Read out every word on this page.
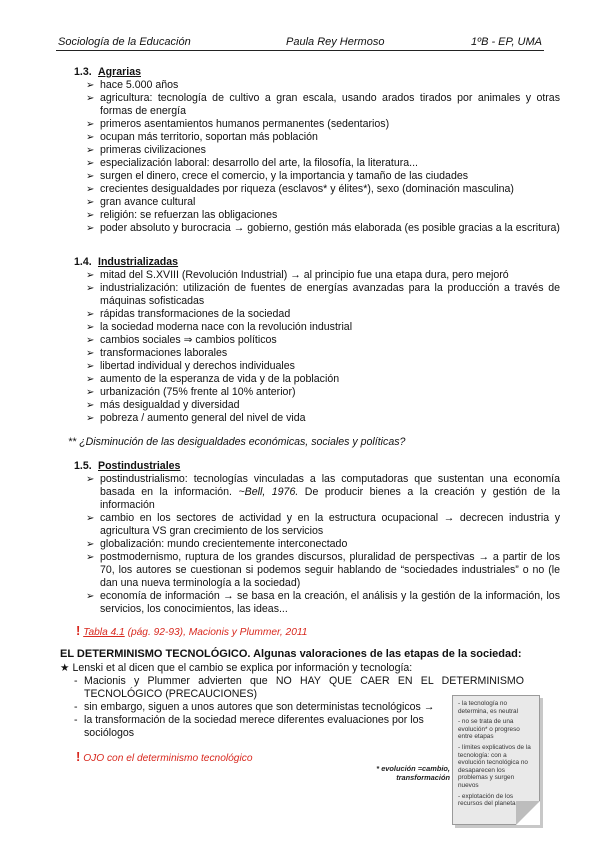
Sociología de la Educación	Paula Rey Hermoso	1ºB - EP, UMA
1.3. Agrarias
➢ hace 5.000 años
➢ agricultura: tecnología de cultivo a gran escala, usando arados tirados por animales y otras formas de energía
➢ primeros asentamientos humanos permanentes (sedentarios)
➢ ocupan más territorio, soportan más población
➢ primeras civilizaciones
➢ especialización laboral: desarrollo del arte, la filosofía, la literatura...
➢ surgen el dinero, crece el comercio, y la importancia y tamaño de las ciudades
➢ crecientes desigualdades por riqueza (esclavos* y élites*), sexo (dominación masculina)
➢ gran avance cultural
➢ religión: se refuerzan las obligaciones
➢ poder absoluto y burocracia → gobierno, gestión más elaborada (es posible gracias a la escritura)
1.4. Industrializadas
➢ mitad del S.XVIII (Revolución Industrial) → al principio fue una etapa dura, pero mejoró
➢ industrialización: utilización de fuentes de energías avanzadas para la producción a través de máquinas sofisticadas
➢ rápidas transformaciones de la sociedad
➢ la sociedad moderna nace con la revolución industrial
➢ cambios sociales ⇒ cambios políticos
➢ transformaciones laborales
➢ libertad individual y derechos individuales
➢ aumento de la esperanza de vida y de la población
➢ urbanización (75% frente al 10% anterior)
➢ más desigualdad y diversidad
➢ pobreza / aumento general del nivel de vida
** ¿Disminución de las desigualdades económicas, sociales y políticas?
1.5. Postindustriales
➢ postindustrialismo: tecnologías vinculadas a las computadoras que sustentan una economía basada en la información. ~Bell, 1976. De producir bienes a la creación y gestión de la información
➢ cambio en los sectores de actividad y en la estructura ocupacional → decrecen industria y agricultura VS gran crecimiento de los servicios
➢ globalización: mundo crecientemente interconectado
➢ postmodernismo, ruptura de los grandes discursos, pluralidad de perspectivas → a partir de los 70, los autores se cuestionan si podemos seguir hablando de “sociedades industriales” o no (le dan una nueva terminología a la sociedad)
➢ economía de información → se basa en la creación, el análisis y la gestión de la información, los servicios, los conocimientos, las ideas...
! Tabla 4.1 (pág. 92-93), Macionis y Plummer, 2011
EL DETERMINISMO TECNOLÓGICO. Algunas valoraciones de las etapas de la sociedad:
★ Lenski et al dicen que el cambio se explica por información y tecnología:
- Macionis y Plummer advierten que NO HAY QUE CAER EN EL DETERMINISMO TECNOLÓGICO (PRECAUCIONES)
- sin embargo, siguen a unos autores que son deterministas tecnológicos →
- la transformación de la sociedad merece diferentes evaluaciones por los sociólogos
! OJO con el determinismo tecnológico
* evolución =cambio, transformación

- la tecnología no determina, es neutral

- no se trata de una evolución* o progreso entre etapas

- límites explicativos de la tecnología: con a evolución tecnológica no desaparecen los problemas y surgen nuevos

- explotación de los recursos del planeta
